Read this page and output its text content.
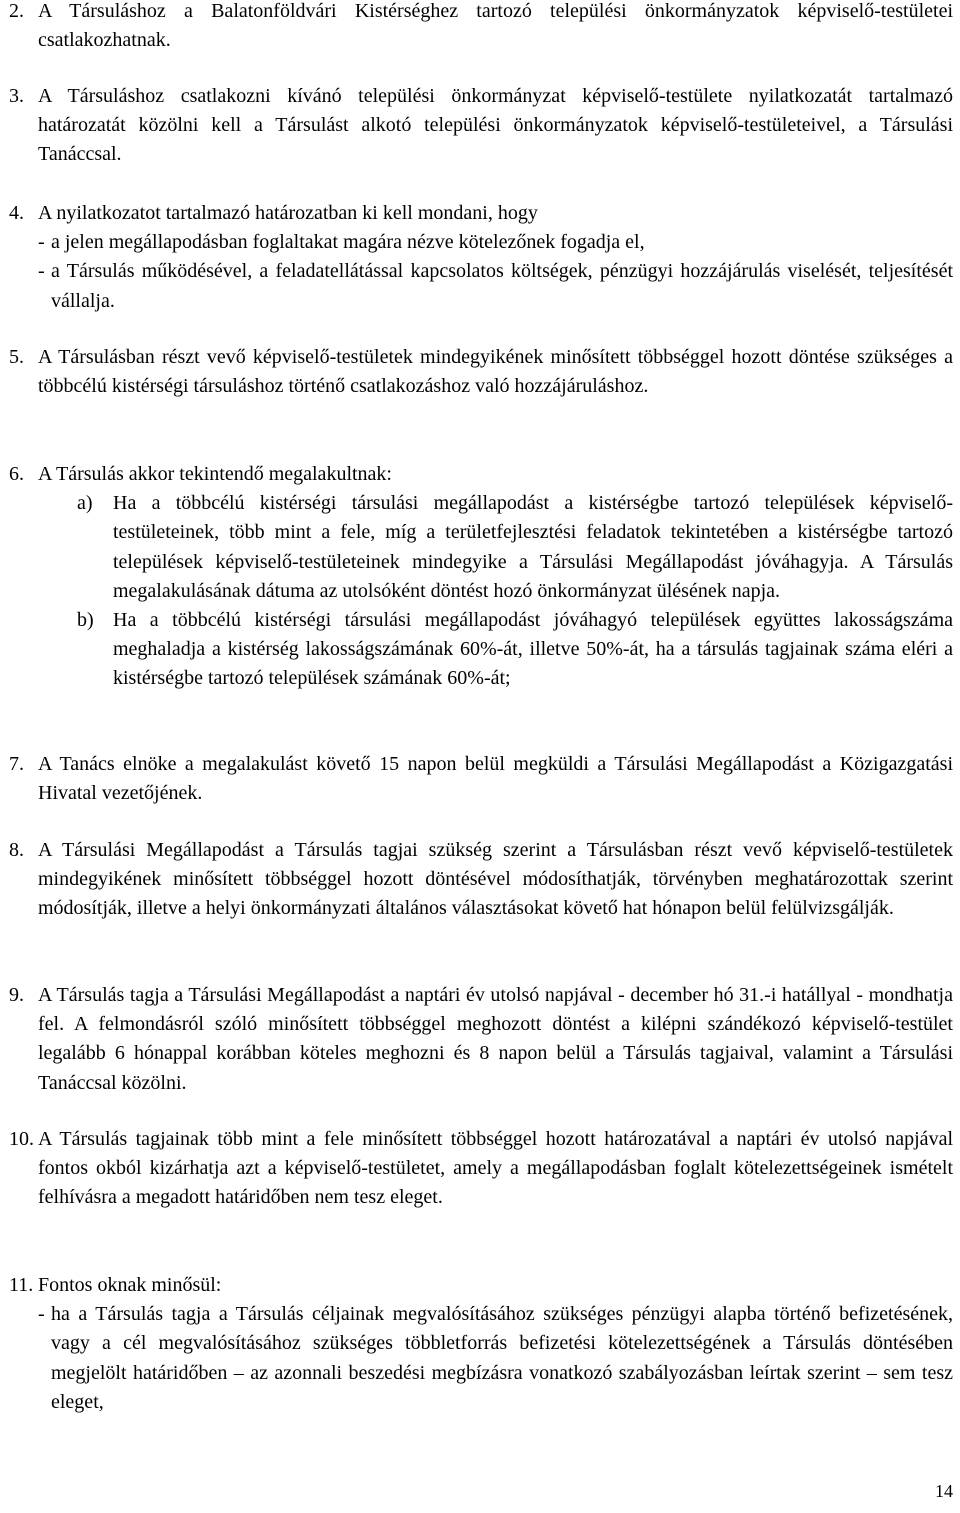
2. A Társuláshoz a Balatonföldvári Kistérséghez tartozó települési önkormányzatok képviselő-testületei csatlakozhatnak.
3. A Társuláshoz csatlakozni kívánó települési önkormányzat képviselő-testülete nyilatkozatát tartalmazó határozatát közölni kell a Társulást alkotó települési önkormányzatok képviselő-testületeivel, a Társulási Tanáccsal.
4. A nyilatkozatot tartalmazó határozatban ki kell mondani, hogy
- a jelen megállapodásban foglaltakat magára nézve kötelezőnek fogadja el,
- a Társulás működésével, a feladatellátással kapcsolatos költségek, pénzügyi hozzájárulás viselését, teljesítését vállalja.
5. A Társulásban részt vevő képviselő-testületek mindegyikének minősített többséggel hozott döntése szükséges a többcélú kistérségi társuláshoz történő csatlakozáshoz való hozzájáruláshoz.
6. A Társulás akkor tekintendő megalakultnak:
a) Ha a többcélú kistérségi társulási megállapodást a kistérségbe tartozó települések képviselő-testületeinek, több mint a fele, míg a területfejlesztési feladatok tekintetében a kistérségbe tartozó települések képviselő-testületeinek mindegyike a Társulási Megállapodást jóváhagyja. A Társulás megalakulásának dátuma az utolsóként döntést hozó önkormányzat ülésének napja.
b) Ha a többcélú kistérségi társulási megállapodást jóváhagyó települések együttes lakosságszáma meghaladja a kistérség lakosságszámának 60%-át, illetve 50%-át, ha a társulás tagjainak száma eléri a kistérségbe tartozó települések számának 60%-át;
7. A Tanács elnöke a megalakulást követő 15 napon belül megküldi a Társulási Megállapodást a Közigazgatási Hivatal vezetőjének.
8. A Társulási Megállapodást a Társulás tagjai szükség szerint a Társulásban részt vevő képviselő-testületek mindegyikének minősített többséggel hozott döntésével módosíthatják, törvényben meghatározottak szerint módosítják, illetve a helyi önkormányzati általános választásokat követő hat hónapon belül felülvizsgálják.
9. A Társulás tagja a Társulási Megállapodást a naptári év utolsó napjával - december hó 31.-i hatállyal - mondhatja fel. A felmondásról szóló minősített többséggel meghozott döntést a kilépni szándékozó képviselő-testület legalább 6 hónappal korábban köteles meghozni és 8 napon belül a Társulás tagjaival, valamint a Társulási Tanáccsal közölni.
10. A Társulás tagjainak több mint a fele minősített többséggel hozott határozatával a naptári év utolsó napjával fontos okból kizárhatja azt a képviselő-testületet, amely a megállapodásban foglalt kötelezettségeinek ismételt felhívásra a megadott határidőben nem tesz eleget.
11. Fontos oknak minősül:
- ha a Társulás tagja a Társulás céljainak megvalósításához szükséges pénzügyi alapba történő befizetésének, vagy a cél megvalósításához szükséges többletforrás befizetési kötelezettségének a Társulás döntésében megjelölt határidőben – az azonnali beszedési megbízásra vonatkozó szabályozásban leírtak szerint – sem tesz eleget,
14
